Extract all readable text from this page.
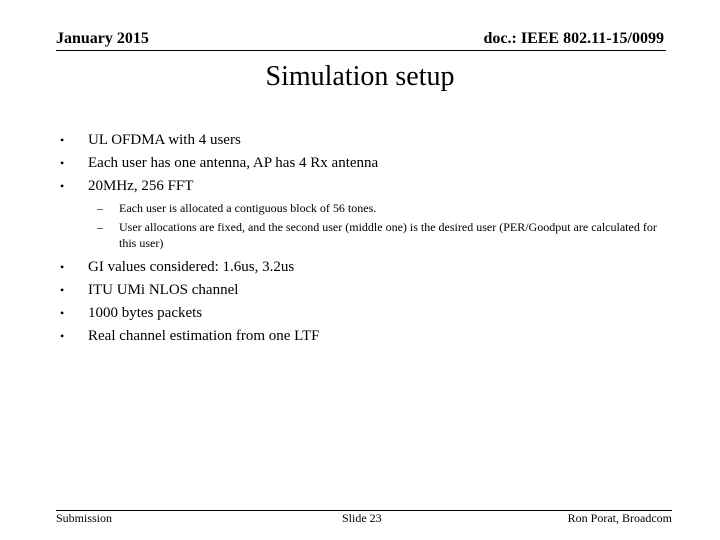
January 2015	doc.: IEEE 802.11-15/0099
Simulation setup
•	UL OFDMA with 4 users
•	Each user has one antenna, AP has 4 Rx antenna
•	20MHz, 256 FFT
– Each user is allocated a contiguous block of 56 tones.
– User allocations are fixed, and the second user (middle one) is the desired user (PER/Goodput are calculated for this user)
•	GI values considered: 1.6us, 3.2us
•	ITU UMi NLOS channel
•	1000 bytes packets
•	Real channel estimation from one LTF
Submission	Slide 23	Ron Porat, Broadcom
